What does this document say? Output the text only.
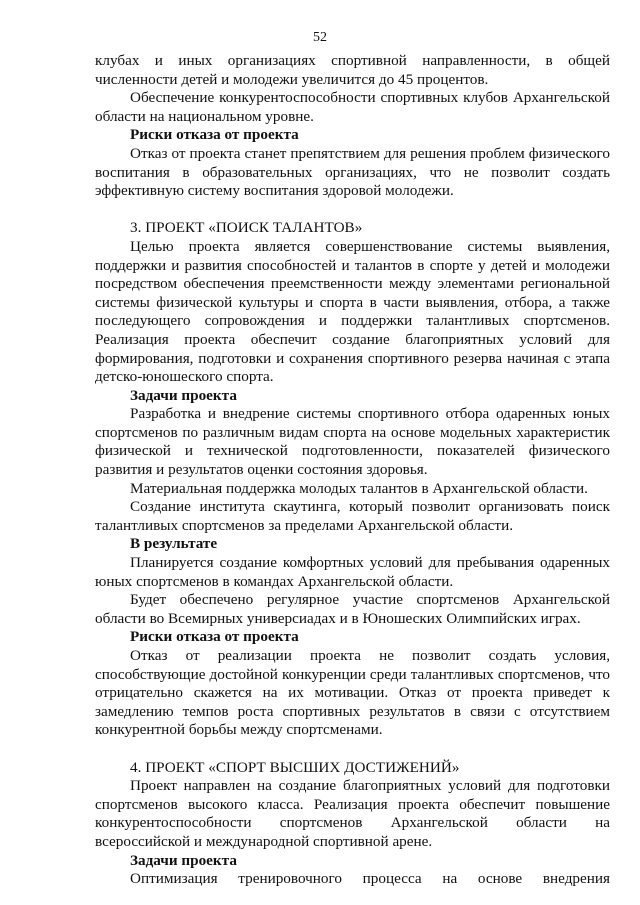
52
клубах и иных организациях спортивной направленности, в общей численности детей и молодежи увеличится до 45 процентов.
Обеспечение конкурентоспособности спортивных клубов Архангельской области на национальном уровне.
Риски отказа от проекта
Отказ от проекта станет препятствием для решения проблем физического воспитания в образовательных организациях, что не позволит создать эффективную систему воспитания здоровой молодежи.
3. ПРОЕКТ «ПОИСК ТАЛАНТОВ»
Целью проекта является совершенствование системы выявления, поддержки и развития способностей и талантов в спорте у детей и молодежи посредством обеспечения преемственности между элементами региональной системы физической культуры и спорта в части выявления, отбора, а также последующего сопровождения и поддержки талантливых спортсменов. Реализация проекта обеспечит создание благоприятных условий для формирования, подготовки и сохранения спортивного резерва начиная с этапа детско-юношеского спорта.
Задачи проекта
Разработка и внедрение системы спортивного отбора одаренных юных спортсменов по различным видам спорта на основе модельных характеристик физической и технической подготовленности, показателей физического развития и результатов оценки состояния здоровья.
Материальная поддержка молодых талантов в Архангельской области.
Создание института скаутинга, который позволит организовать поиск талантливых спортсменов за пределами Архангельской области.
В результате
Планируется создание комфортных условий для пребывания одаренных юных спортсменов в командах Архангельской области.
Будет обеспечено регулярное участие спортсменов Архангельской области во Всемирных универсиадах и в Юношеских Олимпийских играх.
Риски отказа от проекта
Отказ от реализации проекта не позволит создать условия, способствующие достойной конкуренции среди талантливых спортсменов, что отрицательно скажется на их мотивации. Отказ от проекта приведет к замедлению темпов роста спортивных результатов в связи с отсутствием конкурентной борьбы между спортсменами.
4. ПРОЕКТ «СПОРТ ВЫСШИХ ДОСТИЖЕНИЙ»
Проект направлен на создание благоприятных условий для подготовки спортсменов высокого класса. Реализация проекта обеспечит повышение конкурентоспособности спортсменов Архангельской области на всероссийской и международной спортивной арене.
Задачи проекта
Оптимизация тренировочного процесса на основе внедрения
